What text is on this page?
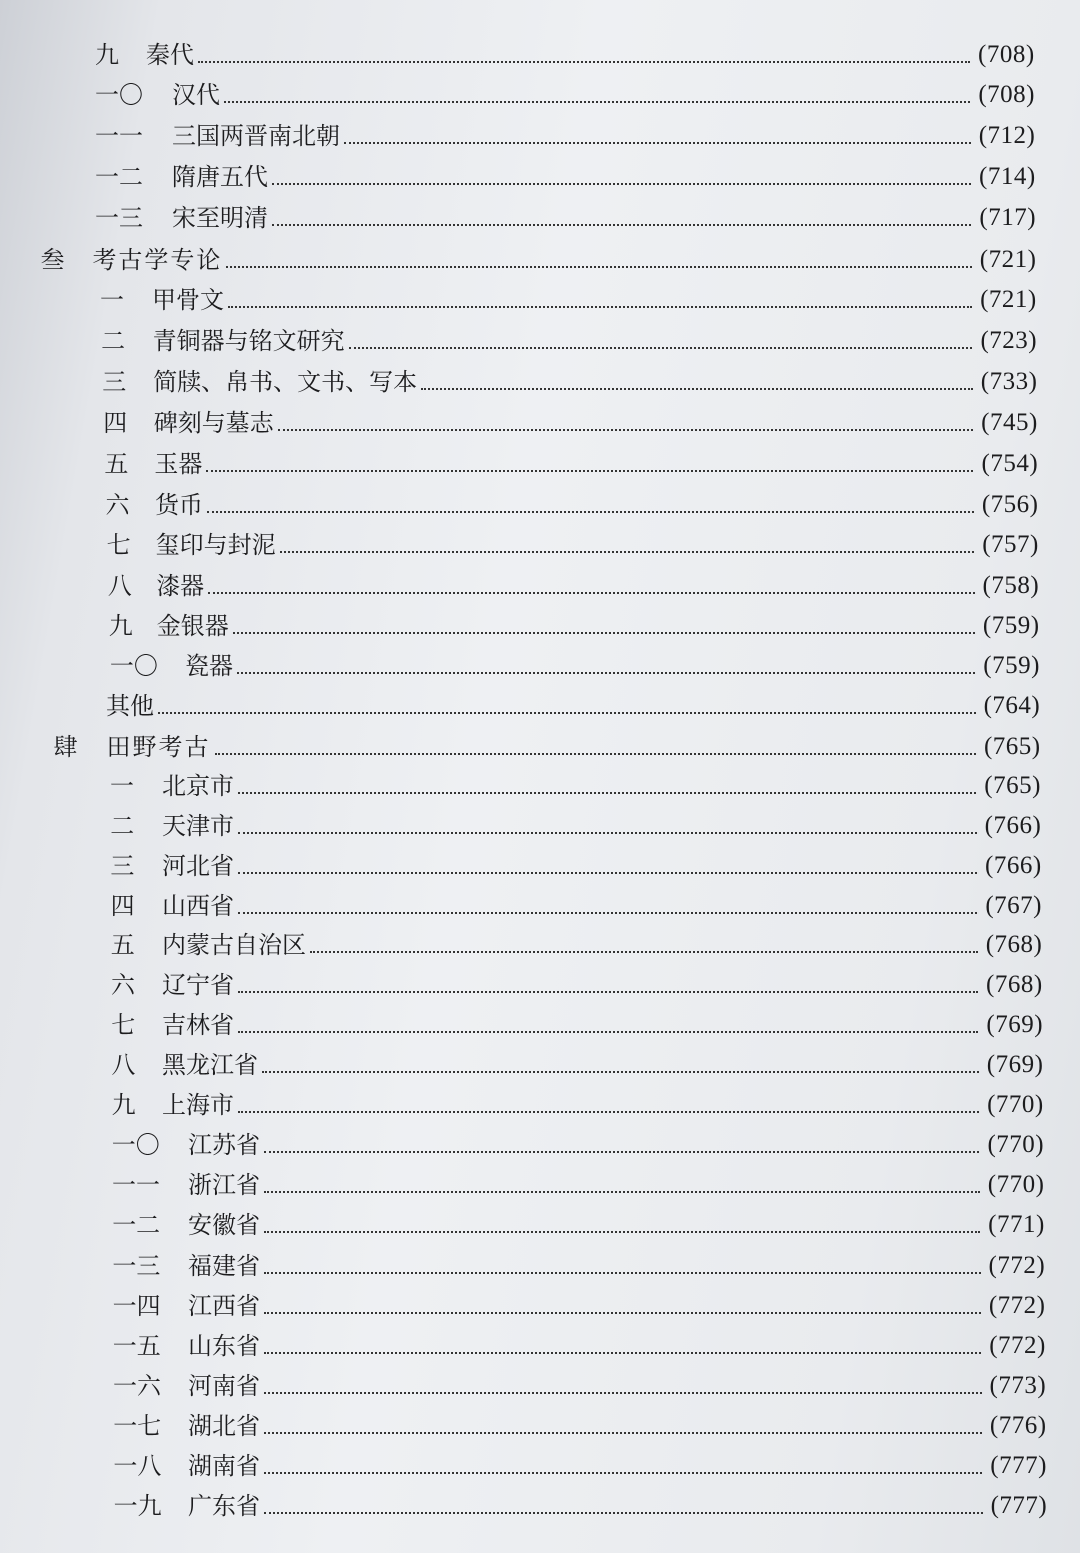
九 秦代	(708)
一〇 汉代	(708)
一一 三国两晋南北朝	(712)
一二 隋唐五代	(714)
一三 宋至明清	(717)
叁 考古学专论	(721)
一 甲骨文	(721)
二 青铜器与铭文研究	(723)
三 简牍、帛书、文书、写本	(733)
四 碑刻与墓志	(745)
五 玉器	(754)
六 货币	(756)
七 玺印与封泥	(757)
八 漆器	(758)
九 金银器	(759)
一〇 瓷器	(759)
其他	(764)
肆 田野考古	(765)
一 北京市	(765)
二 天津市	(766)
三 河北省	(766)
四 山西省	(767)
五 内蒙古自治区	(768)
六 辽宁省	(768)
七 吉林省	(769)
八 黑龙江省	(769)
九 上海市	(770)
一〇 江苏省	(770)
一一 浙江省	(770)
一二 安徽省	(771)
一三 福建省	(772)
一四 江西省	(772)
一五 山东省	(772)
一六 河南省	(773)
一七 湖北省	(776)
一八 湖南省	(777)
一九 广东省	(777)
